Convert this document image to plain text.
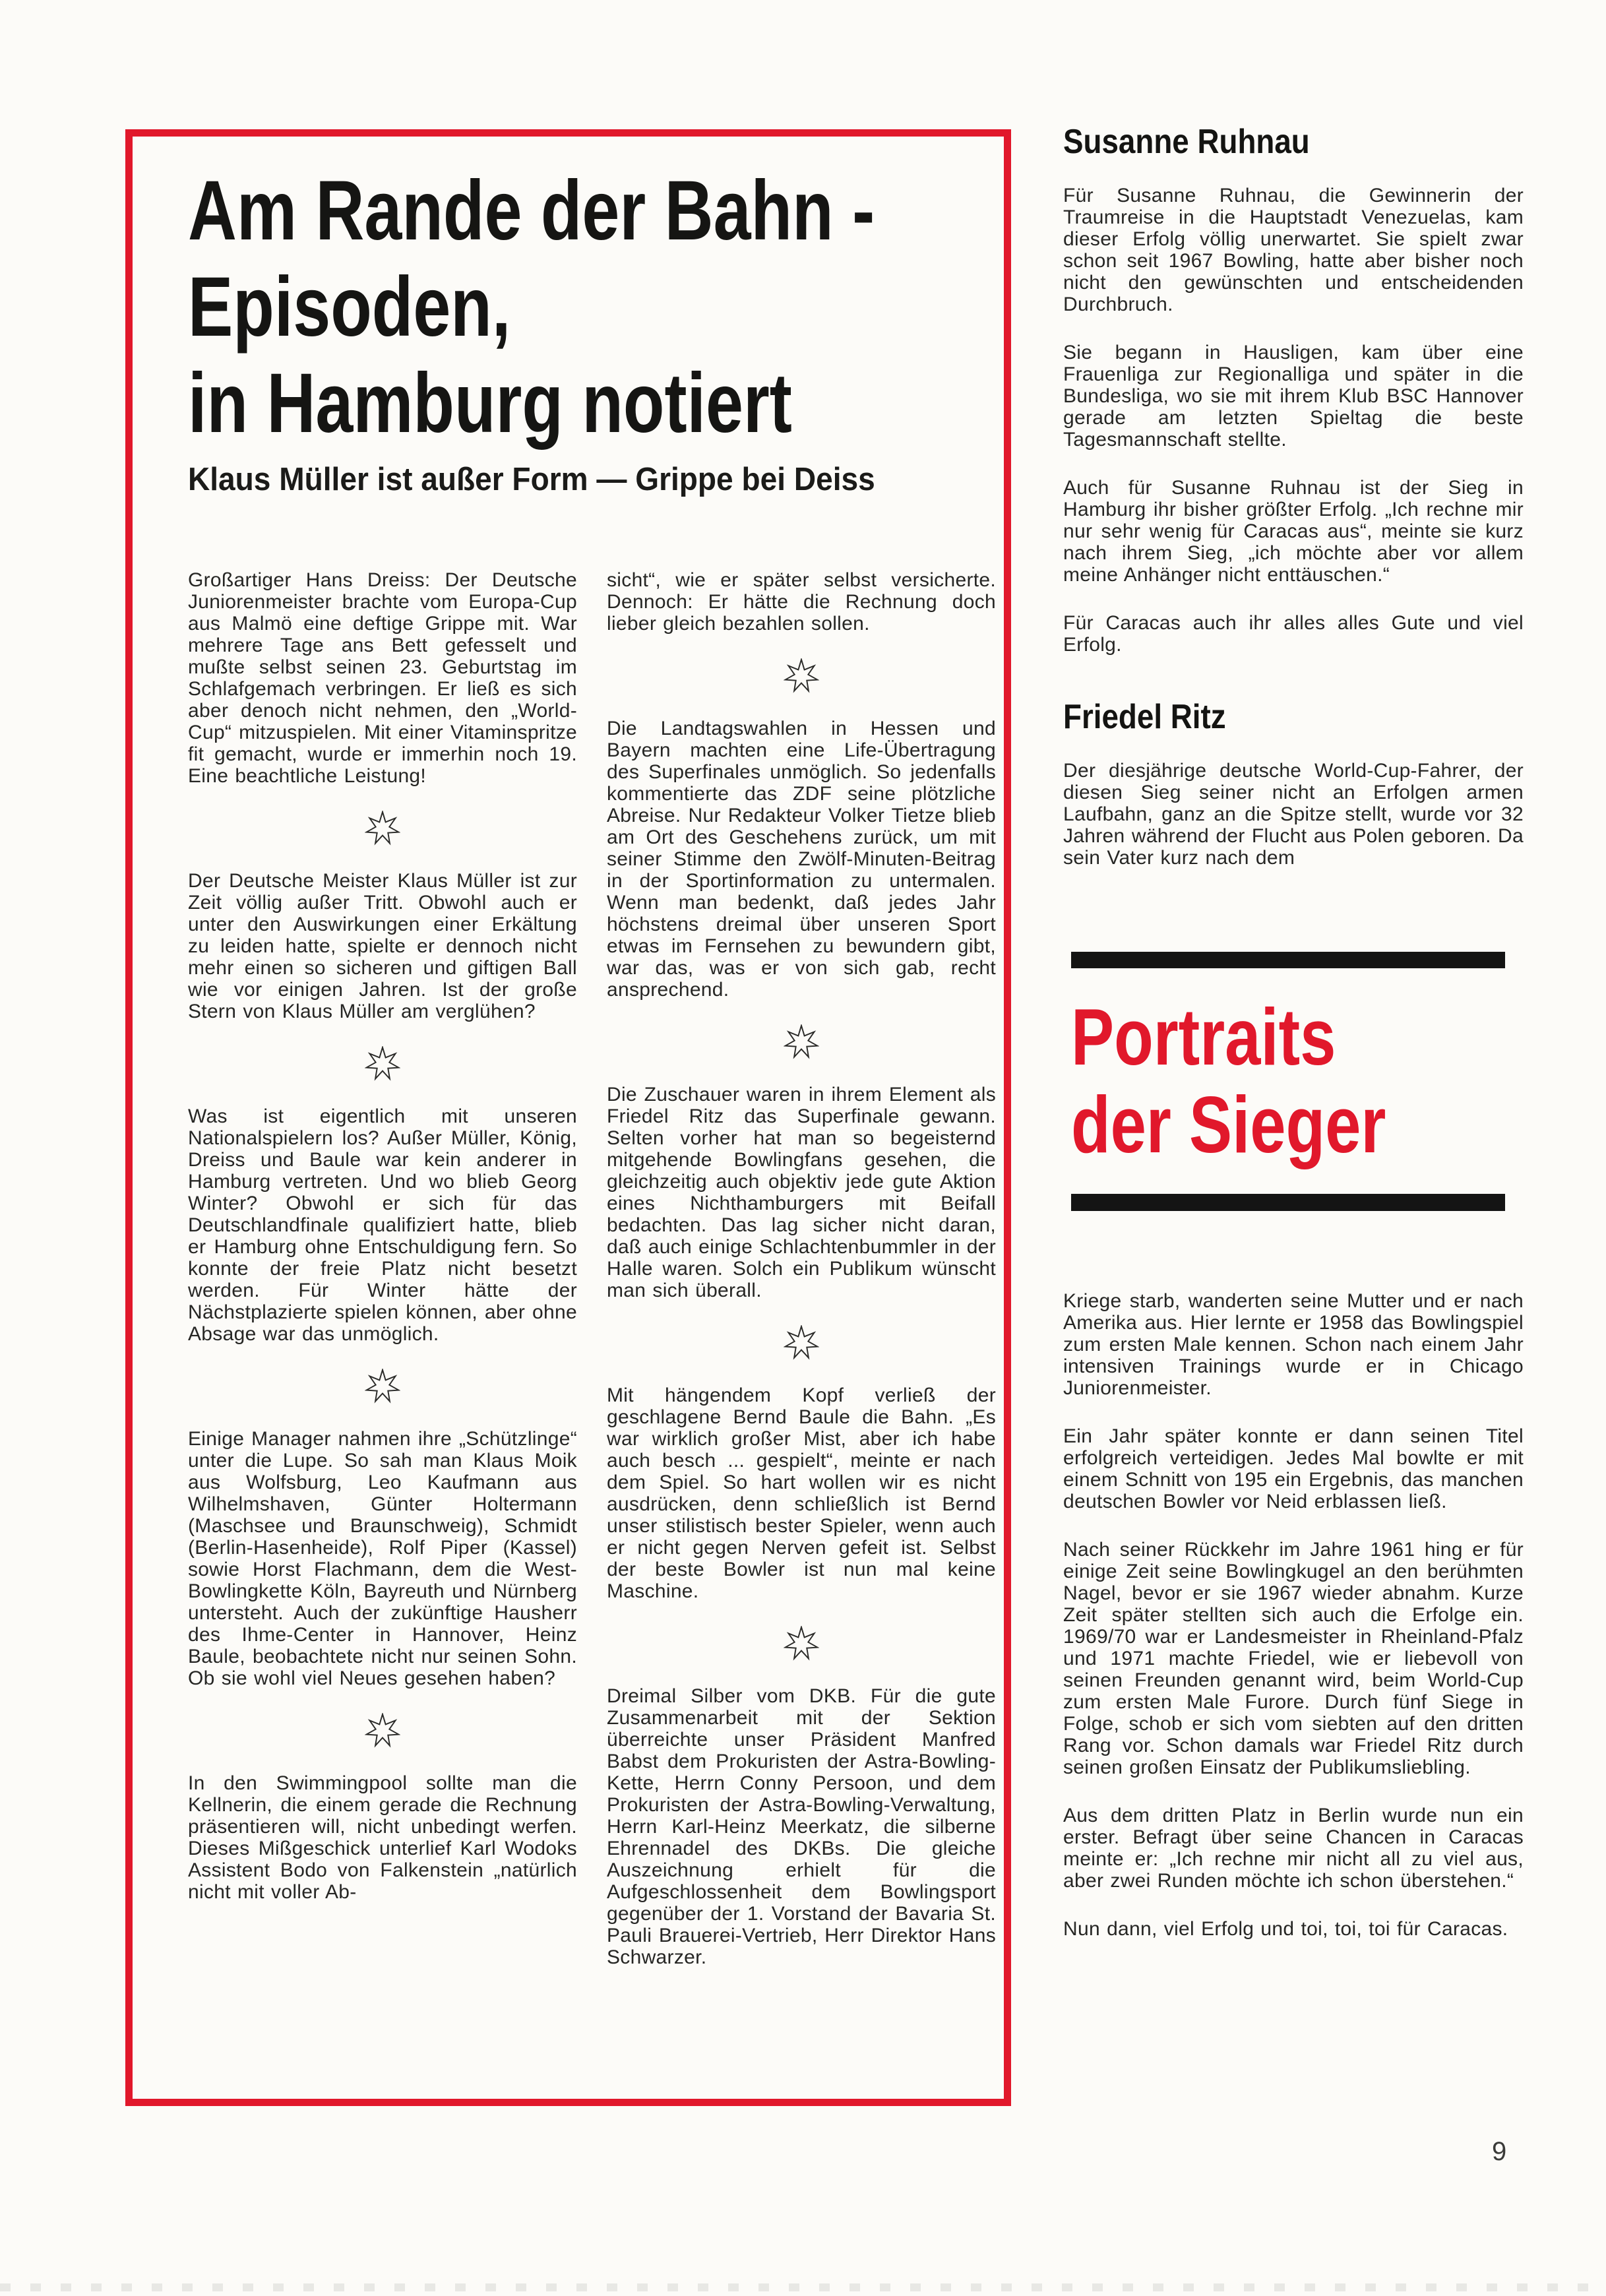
Am Rande der Bahn -
Episoden,
in Hamburg notiert
Klaus Müller ist außer Form — Grippe bei Deiss

Großartiger Hans Dreiss: Der Deutsche Juniorenmeister brachte vom Europa-Cup aus Malmö eine deftige Grippe mit. War mehrere Tage ans Bett gefesselt und mußte selbst seinen 23. Geburtstag im Schlafgemach verbringen. Er ließ es sich aber denoch nicht nehmen, den „World-Cup“ mitzuspielen. Mit einer Vitaminspritze fit gemacht, wurde er immerhin noch 19. Eine beachtliche Leistung!

Der Deutsche Meister Klaus Müller ist zur Zeit völlig außer Tritt. Obwohl auch er unter den Auswirkungen einer Erkältung zu leiden hatte, spielte er dennoch nicht mehr einen so sicheren und giftigen Ball wie vor einigen Jahren. Ist der große Stern von Klaus Müller am verglühen?

Was ist eigentlich mit unseren Nationalspielern los? Außer Müller, König, Dreiss und Baule war kein anderer in Hamburg vertreten. Und wo blieb Georg Winter? Obwohl er sich für das Deutschlandfinale qualifiziert hatte, blieb er Hamburg ohne Entschuldigung fern. So konnte der freie Platz nicht besetzt werden. Für Winter hätte der Nächstplazierte spielen können, aber ohne Absage war das unmöglich.

Einige Manager nahmen ihre „Schützlinge“ unter die Lupe. So sah man Klaus Moik aus Wolfsburg, Leo Kaufmann aus Wilhelmshaven, Günter Holtermann (Maschsee und Braunschweig), Schmidt (Berlin-Hasenheide), Rolf Piper (Kassel) sowie Horst Flachmann, dem die West-Bowlingkette Köln, Bayreuth und Nürnberg untersteht. Auch der zukünftige Hausherr des Ihme-Center in Hannover, Heinz Baule, beobachtete nicht nur seinen Sohn. Ob sie wohl viel Neues gesehen haben?

In den Swimmingpool sollte man die Kellnerin, die einem gerade die Rechnung präsentieren will, nicht unbedingt werfen. Dieses Mißgeschick unterlief Karl Wodoks Assistent Bodo von Falkenstein „natürlich nicht mit voller Ab-

sicht“, wie er später selbst versicherte. Dennoch: Er hätte die Rechnung doch lieber gleich bezahlen sollen.

Die Landtagswahlen in Hessen und Bayern machten eine Life-Übertragung des Superfinales unmöglich. So jedenfalls kommentierte das ZDF seine plötzliche Abreise. Nur Redakteur Volker Tietze blieb am Ort des Geschehens zurück, um mit seiner Stimme den Zwölf-Minuten-Beitrag in der Sportinformation zu untermalen. Wenn man bedenkt, daß jedes Jahr höchstens dreimal über unseren Sport etwas im Fernsehen zu bewundern gibt, war das, was er von sich gab, recht ansprechend.

Die Zuschauer waren in ihrem Element als Friedel Ritz das Superfinale gewann. Selten vorher hat man so begeisternd mitgehende Bowlingfans gesehen, die gleichzeitig auch objektiv jede gute Aktion eines Nichthamburgers mit Beifall bedachten. Das lag sicher nicht daran, daß auch einige Schlachtenbummler in der Halle waren. Solch ein Publikum wünscht man sich überall.

Mit hängendem Kopf verließ der geschlagene Bernd Baule die Bahn. „Es war wirklich großer Mist, aber ich habe auch besch ... gespielt“, meinte er nach dem Spiel. So hart wollen wir es nicht ausdrücken, denn schließlich ist Bernd unser stilistisch bester Spieler, wenn auch er nicht gegen Nerven gefeit ist. Selbst der beste Bowler ist nun mal keine Maschine.

Dreimal Silber vom DKB. Für die gute Zusammenarbeit mit der Sektion überreichte unser Präsident Manfred Babst dem Prokuristen der Astra-Bowling-Kette, Herrn Conny Persoon, und dem Prokuristen der Astra-Bowling-Verwaltung, Herrn Karl-Heinz Meerkatz, die silberne Ehrennadel des DKBs. Die gleiche Auszeichnung erhielt für die Aufgeschlossenheit dem Bowlingsport gegenüber der 1. Vorstand der Bavaria St. Pauli Brauerei-Vertrieb, Herr Direktor Hans Schwarzer.

Susanne Ruhnau

Für Susanne Ruhnau, die Gewinnerin der Traumreise in die Hauptstadt Venezuelas, kam dieser Erfolg völlig unerwartet. Sie spielt zwar schon seit 1967 Bowling, hatte aber bisher noch nicht den gewünschten und entscheidenden Durchbruch.

Sie begann in Hausligen, kam über eine Frauenliga zur Regionalliga und später in die Bundesliga, wo sie mit ihrem Klub BSC Hannover gerade am letzten Spieltag die beste Tagesmannschaft stellte.

Auch für Susanne Ruhnau ist der Sieg in Hamburg ihr bisher größter Erfolg. „Ich rechne mir nur sehr wenig für Caracas aus“, meinte sie kurz nach ihrem Sieg, „ich möchte aber vor allem meine Anhänger nicht enttäuschen.“

Für Caracas auch ihr alles alles Gute und viel Erfolg.

Friedel Ritz

Der diesjährige deutsche World-Cup-Fahrer, der diesen Sieg seiner nicht an Erfolgen armen Laufbahn, ganz an die Spitze stellt, wurde vor 32 Jahren während der Flucht aus Polen geboren. Da sein Vater kurz nach dem

Portraits
der Sieger

Kriege starb, wanderten seine Mutter und er nach Amerika aus. Hier lernte er 1958 das Bowlingspiel zum ersten Male kennen. Schon nach einem Jahr intensiven Trainings wurde er in Chicago Juniorenmeister.

Ein Jahr später konnte er dann seinen Titel erfolgreich verteidigen. Jedes Mal bowlte er mit einem Schnitt von 195 ein Ergebnis, das manchen deutschen Bowler vor Neid erblassen ließ.

Nach seiner Rückkehr im Jahre 1961 hing er für einige Zeit seine Bowlingkugel an den berühmten Nagel, bevor er sie 1967 wieder abnahm. Kurze Zeit später stellten sich auch die Erfolge ein. 1969/70 war er Landesmeister in Rheinland-Pfalz und 1971 machte Friedel, wie er liebevoll von seinen Freunden genannt wird, beim World-Cup zum ersten Male Furore. Durch fünf Siege in Folge, schob er sich vom siebten auf den dritten Rang vor. Schon damals war Friedel Ritz durch seinen großen Einsatz der Publikumsliebling.

Aus dem dritten Platz in Berlin wurde nun ein erster. Befragt über seine Chancen in Caracas meinte er: „Ich rechne mir nicht all zu viel aus, aber zwei Runden möchte ich schon überstehen.“

Nun dann, viel Erfolg und toi, toi, toi für Caracas.

9
